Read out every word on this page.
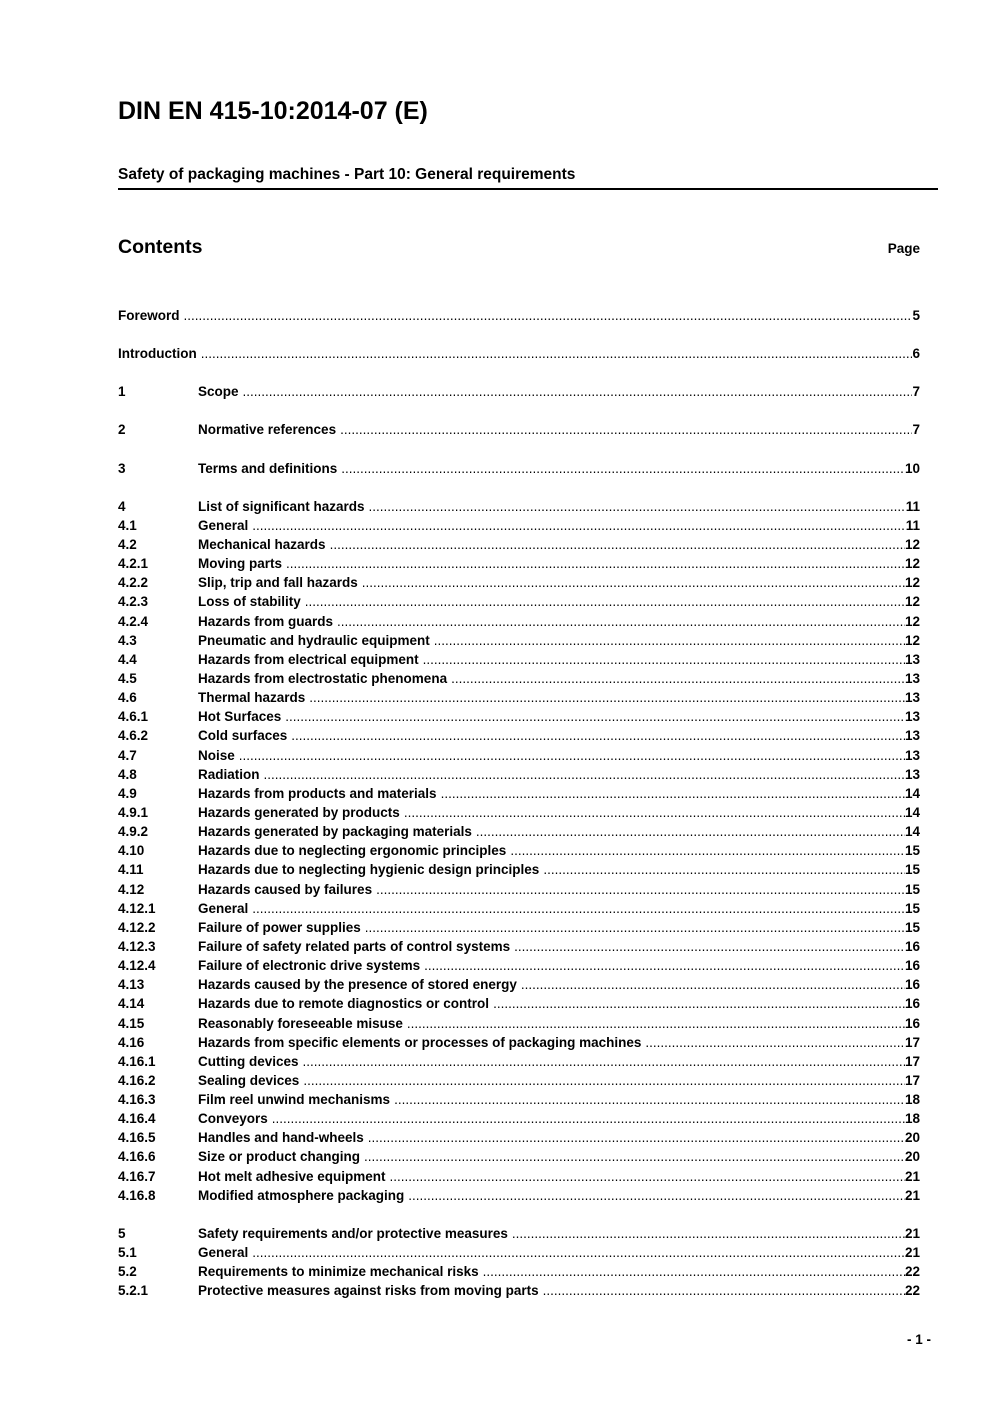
DIN EN 415-10:2014-07 (E)
Safety of packaging machines - Part 10: General requirements
Contents	Page
Foreword .....	5
Introduction .....	6
1	Scope .....	7
2	Normative references .....	7
3	Terms and definitions .....	10
4	List of significant hazards .....	11
4.1	General .....	11
4.2	Mechanical hazards .....	12
4.2.1	Moving parts .....	12
4.2.2	Slip, trip and fall hazards .....	12
4.2.3	Loss of stability .....	12
4.2.4	Hazards from guards .....	12
4.3	Pneumatic and hydraulic equipment .....	12
4.4	Hazards from electrical equipment .....	13
4.5	Hazards from electrostatic phenomena .....	13
4.6	Thermal hazards .....	13
4.6.1	Hot Surfaces .....	13
4.6.2	Cold surfaces .....	13
4.7	Noise .....	13
4.8	Radiation .....	13
4.9	Hazards from products and materials .....	14
4.9.1	Hazards generated by products .....	14
4.9.2	Hazards generated by packaging materials .....	14
4.10	Hazards due to neglecting ergonomic principles .....	15
4.11	Hazards due to neglecting hygienic design principles .....	15
4.12	Hazards caused by failures .....	15
4.12.1	General .....	15
4.12.2	Failure of power supplies .....	15
4.12.3	Failure of safety related parts of control systems .....	16
4.12.4	Failure of electronic drive systems .....	16
4.13	Hazards caused by the presence of stored energy .....	16
4.14	Hazards due to remote diagnostics or control .....	16
4.15	Reasonably foreseeable misuse .....	16
4.16	Hazards from specific elements or processes of packaging machines .....	17
4.16.1	Cutting devices .....	17
4.16.2	Sealing devices .....	17
4.16.3	Film reel unwind mechanisms .....	18
4.16.4	Conveyors .....	18
4.16.5	Handles and hand-wheels .....	20
4.16.6	Size or product changing .....	20
4.16.7	Hot melt adhesive equipment .....	21
4.16.8	Modified atmosphere packaging .....	21
5	Safety requirements and/or protective measures .....	21
5.1	General .....	21
5.2	Requirements to minimize mechanical risks .....	22
5.2.1	Protective measures against risks from moving parts .....	22
- 1 -
